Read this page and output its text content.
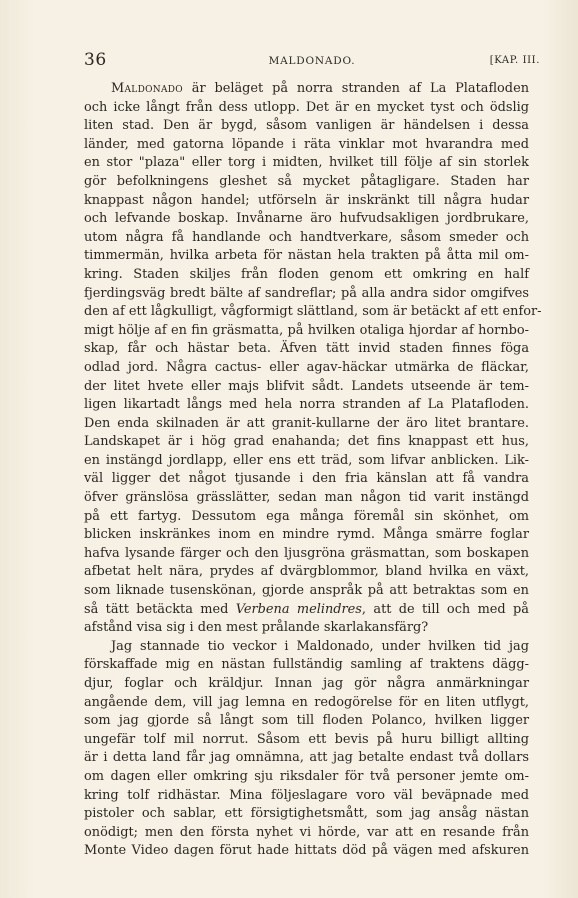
36	MALDONADO.	[KAP. III.
Maldonado är beläget på norra stranden af La Platafloden
och icke långt från dess utlopp. Det är en mycket tyst och ödslig
liten stad. Den är bygd, såsom vanligen är händelsen i dessa
länder, med gatorna löpande i räta vinklar mot hvarandra med
en stor "plaza" eller torg i midten, hvilket till följe af sin storlek
gör befolkningens gleshet så mycket påtagligare. Staden har
knappast någon handel; utförseln är inskränkt till några hudar
och lefvande boskap. Invånarne äro hufvudsakligen jordbrukare,
utom några få handlande och handtverkare, såsom smeder och
timmermän, hvilka arbeta för nästan hela trakten på åtta mil om-
kring. Staden skiljes från floden genom ett omkring en half
fjerdingsväg bredt bälte af sandreflar; på alla andra sidor omgifves
den af ett lågkulligt, vågformigt slättland, som är betäckt af ett enfor-
migt hölje af en fin gräsmatta, på hvilken otaliga hjordar af hornbo-
skap, får och hästar beta. Äfven tätt invid staden finnes föga
odlad jord. Några cactus- eller agav-häckar utmärka de fläckar,
der litet hvete eller majs blifvit sådt. Landets utseende är tem-
ligen likartadt långs med hela norra stranden af La Platafloden.
Den enda skilnaden är att granit-kullarne der äro litet brantare.
Landskapet är i hög grad enahanda; det fins knappast ett hus,
en instängd jordlapp, eller ens ett träd, som lifvar anblicken. Lik-
väl ligger det något tjusande i den fria känslan att få vandra
öfver gränslösa grässlätter, sedan man någon tid varit instängd
på ett fartyg. Dessutom ega många föremål sin skönhet, om
blicken inskränkes inom en mindre rymd. Många smärre foglar
hafva lysande färger och den ljusgröna gräsmattan, som boskapen
afbetat helt nära, prydes af dvärgblommor, bland hvilka en växt,
som liknade tusenskönan, gjorde anspråk på att betraktas som en
så tätt betäckta med Verbena melindres, att de till och med på
afstånd visa sig i den mest prålande skarlakansfärg?
Jag stannade tio veckor i Maldonado, under hvilken tid jag
förskaffade mig en nästan fullständig samling af traktens dägg-
djur, foglar och kräldjur. Innan jag gör några anmärkningar
angående dem, vill jag lemna en redogörelse för en liten utflygt,
som jag gjorde så långt som till floden Polanco, hvilken ligger
ungefär tolf mil norrut. Såsom ett bevis på huru billigt allting
är i detta land får jag omnämna, att jag betalte endast två dollars
om dagen eller omkring sju riksdaler för två personer jemte om-
kring tolf ridhästar. Mina följeslagare voro väl beväpnade med
pistoler och sablar, ett försigtighetsmått, som jag ansåg nästan
onödigt; men den första nyhet vi hörde, var att en resande från
Monte Video dagen förut hade hittats död på vägen med afskuren
